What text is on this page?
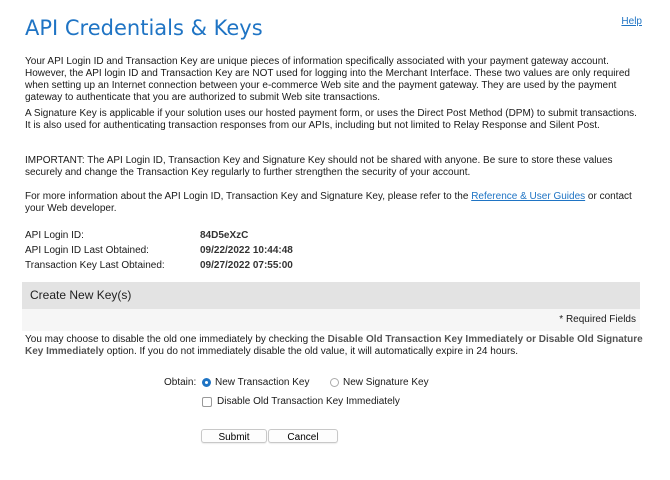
API Credentials & Keys	Help

Your API Login ID and Transaction Key are unique pieces of information specifically associated with your payment gateway account. However, the API login ID and Transaction Key are NOT used for logging into the Merchant Interface. These two values are only required when setting up an Internet connection between your e-commerce Web site and the payment gateway. They are used by the payment gateway to authenticate that you are authorized to submit Web site transactions.

A Signature Key is applicable if your solution uses our hosted payment form, or uses the Direct Post Method (DPM) to submit transactions. It is also used for authenticating transaction responses from our APIs, including but not limited to Relay Response and Silent Post.

IMPORTANT: The API Login ID, Transaction Key and Signature Key should not be shared with anyone. Be sure to store these values securely and change the Transaction Key regularly to further strengthen the security of your account.

For more information about the API Login ID, Transaction Key and Signature Key, please refer to the Reference & User Guides or contact your Web developer.

API Login ID:	84D5eXzC
API Login ID Last Obtained:	09/22/2022 10:44:48
Transaction Key Last Obtained:	09/27/2022 07:55:00
Create New Key(s)
* Required Fields

You may choose to disable the old one immediately by checking the Disable Old Transaction Key Immediately or Disable Old Signature Key Immediately option. If you do not immediately disable the old value, it will automatically expire in 24 hours.

Obtain: New Transaction Key	New Signature Key
Disable Old Transaction Key Immediately
Submit	Cancel
